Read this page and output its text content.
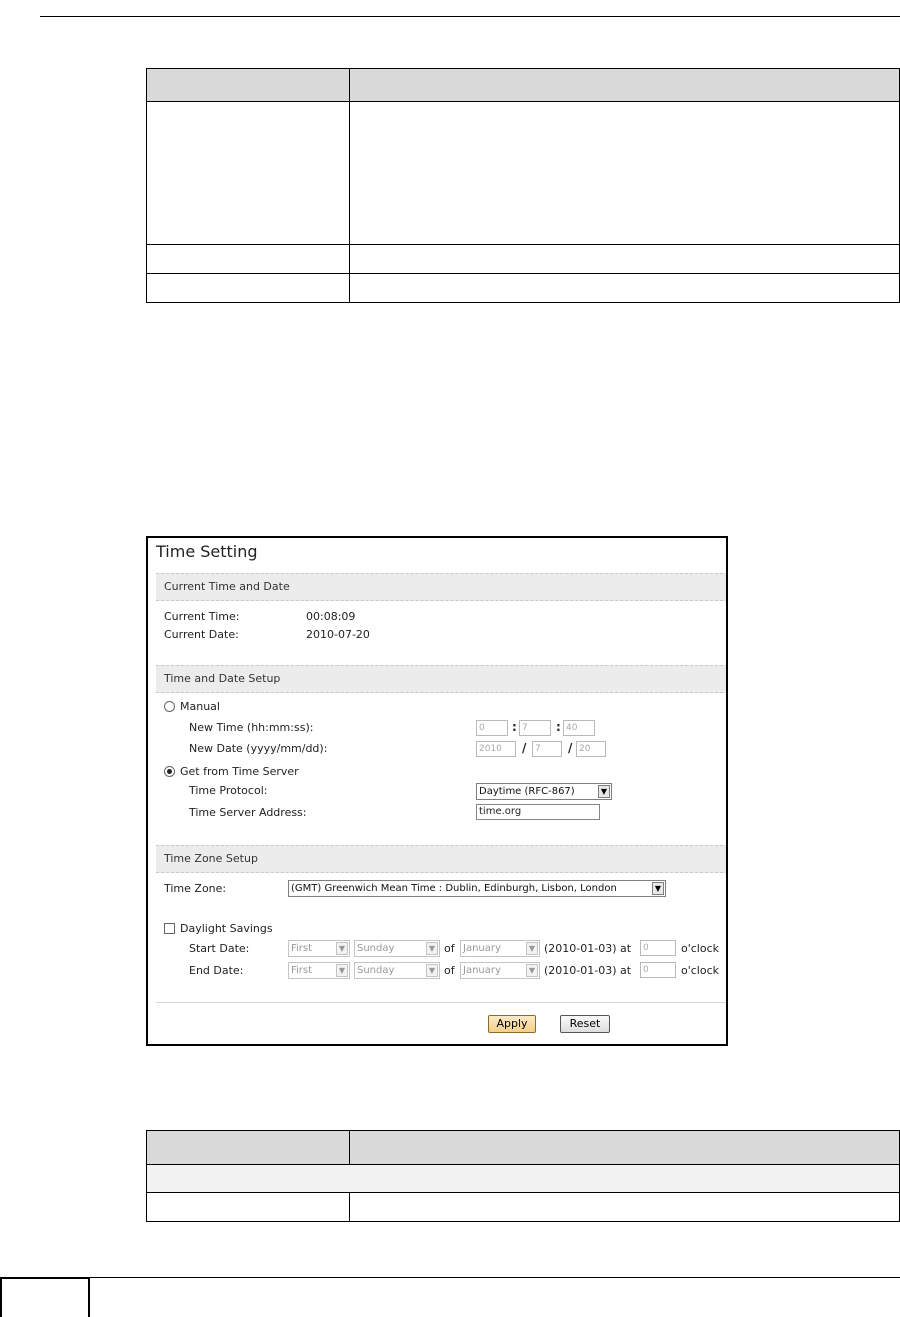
Time Setting
Current Time and Date
Current Time:	00:08:09
Current Date:	2010-07-20
Time and Date Setup
Manual
New Time (hh:mm:ss):	0	: 7	: 40
New Date (yyyy/mm/dd):	2010	/ 7	/ 20
Get from Time Server
Time Protocol:	Daytime (RFC-867)	▼
Time Server Address:	time.org
Time Zone Setup
Time Zone:	(GMT) Greenwich Mean Time : Dublin, Edinburgh, Lisbon, London	▼
Daylight Savings
Start Date:	First	▼	Sunday	▼ of January	▼ (2010-01-03) at	0	o'clock
End Date:	First	▼	Sunday	▼ of January	▼ (2010-01-03) at	0	o'clock
Apply	Reset
